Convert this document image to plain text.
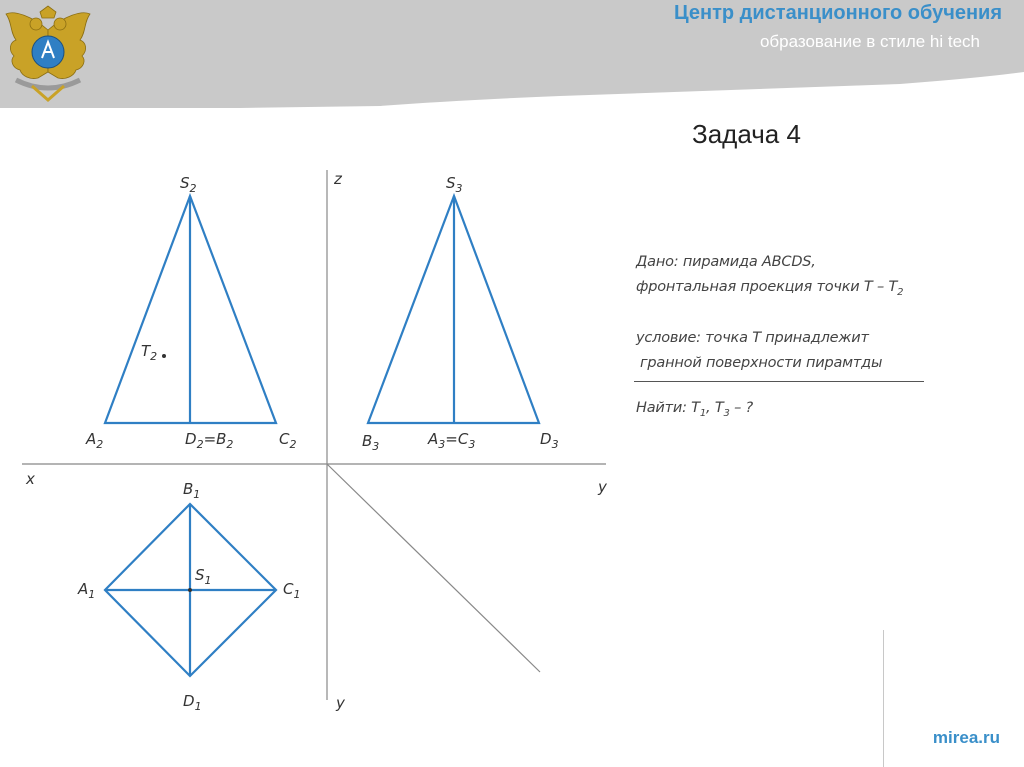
Центр дистанционного обучения

образование в стиле hi tech

Задача 4
z
x	y
y
$S_2$
$A_2$	$D_2=B_2$	$C_2$
$T_2$
$S_3$
$B_3$	$A_3=C_3$	$D_3$
$B_1$
$A_1$
$S_1$	$C_1$
$D_1$

Дано: пирамида ABCDS,

фронтальная проекция точки T – $T_2$

условие: точка T принадлежит

гранной поверхности пирамтды

Найти: $T_1$, $T_3$ – ?

mirea.ru
